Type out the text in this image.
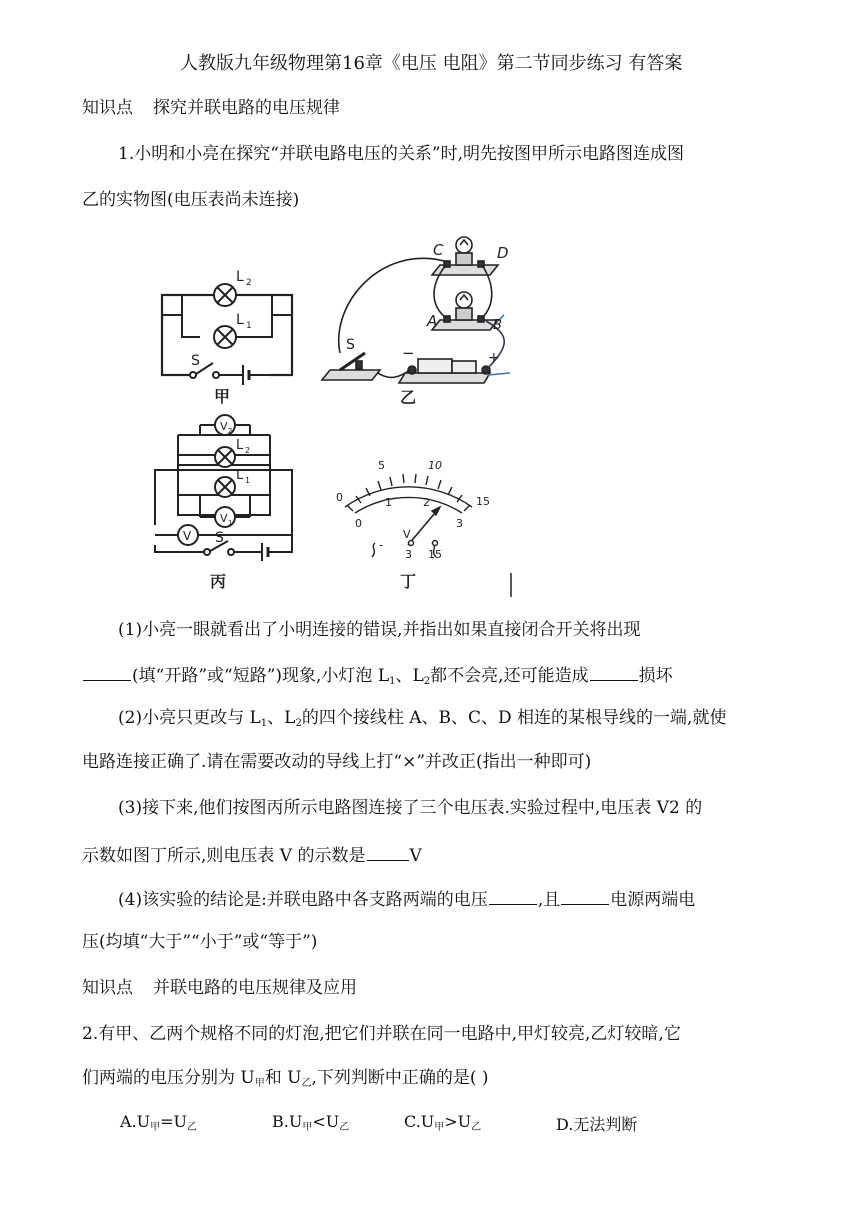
人教版九年级物理第16章《电压 电阻》第二节同步练习 有答案
知识点 探究并联电路的电压规律
1.小明和小亮在探究“并联电路电压的关系”时,明先按图甲所示电路图连成图
乙的实物图(电压表尚未连接)
L 2
L 1
S
甲
C	D
A	B
S	−	+
乙
V 2
L 2
L 1
V 1
V S
丙
0
5	10
15
0
1	2
3
V
3 15
-
丁
(1)小亮一眼就看出了小明连接的错误,并指出如果直接闭合开关将出现
(填“开路”或“短路”)现象,小灯泡 $L_1$、$L_2$都不会亮,还可能造成	损坏
(2)小亮只更改与 $L_1$、$L_2$的四个接线柱 A、B、C、D 相连的某根导线的一端,就使
电路连接正确了.请在需要改动的导线上打“×”并改正(指出一种即可)
(3)接下来,他们按图丙所示电路图连接了三个电压表.实验过程中,电压表 V2 的
示数如图丁所示,则电压表 V 的示数是	V
(4)该实验的结论是:并联电路中各支路两端的电压	,且	电源两端电
压(均填“大于”“小于”或“等于”)
知识点 并联电路的电压规律及应用
2.有甲、乙两个规格不同的灯泡,把它们并联在同一电路中,甲灯较亮,乙灯较暗,它
们两端的电压分别为 $U_甲$和 $U_乙$,下列判断中正确的是( )
$A.U_甲=U_乙$	$B.U_甲<U_乙$	$C.U_甲>U_乙$	D.无法判断
